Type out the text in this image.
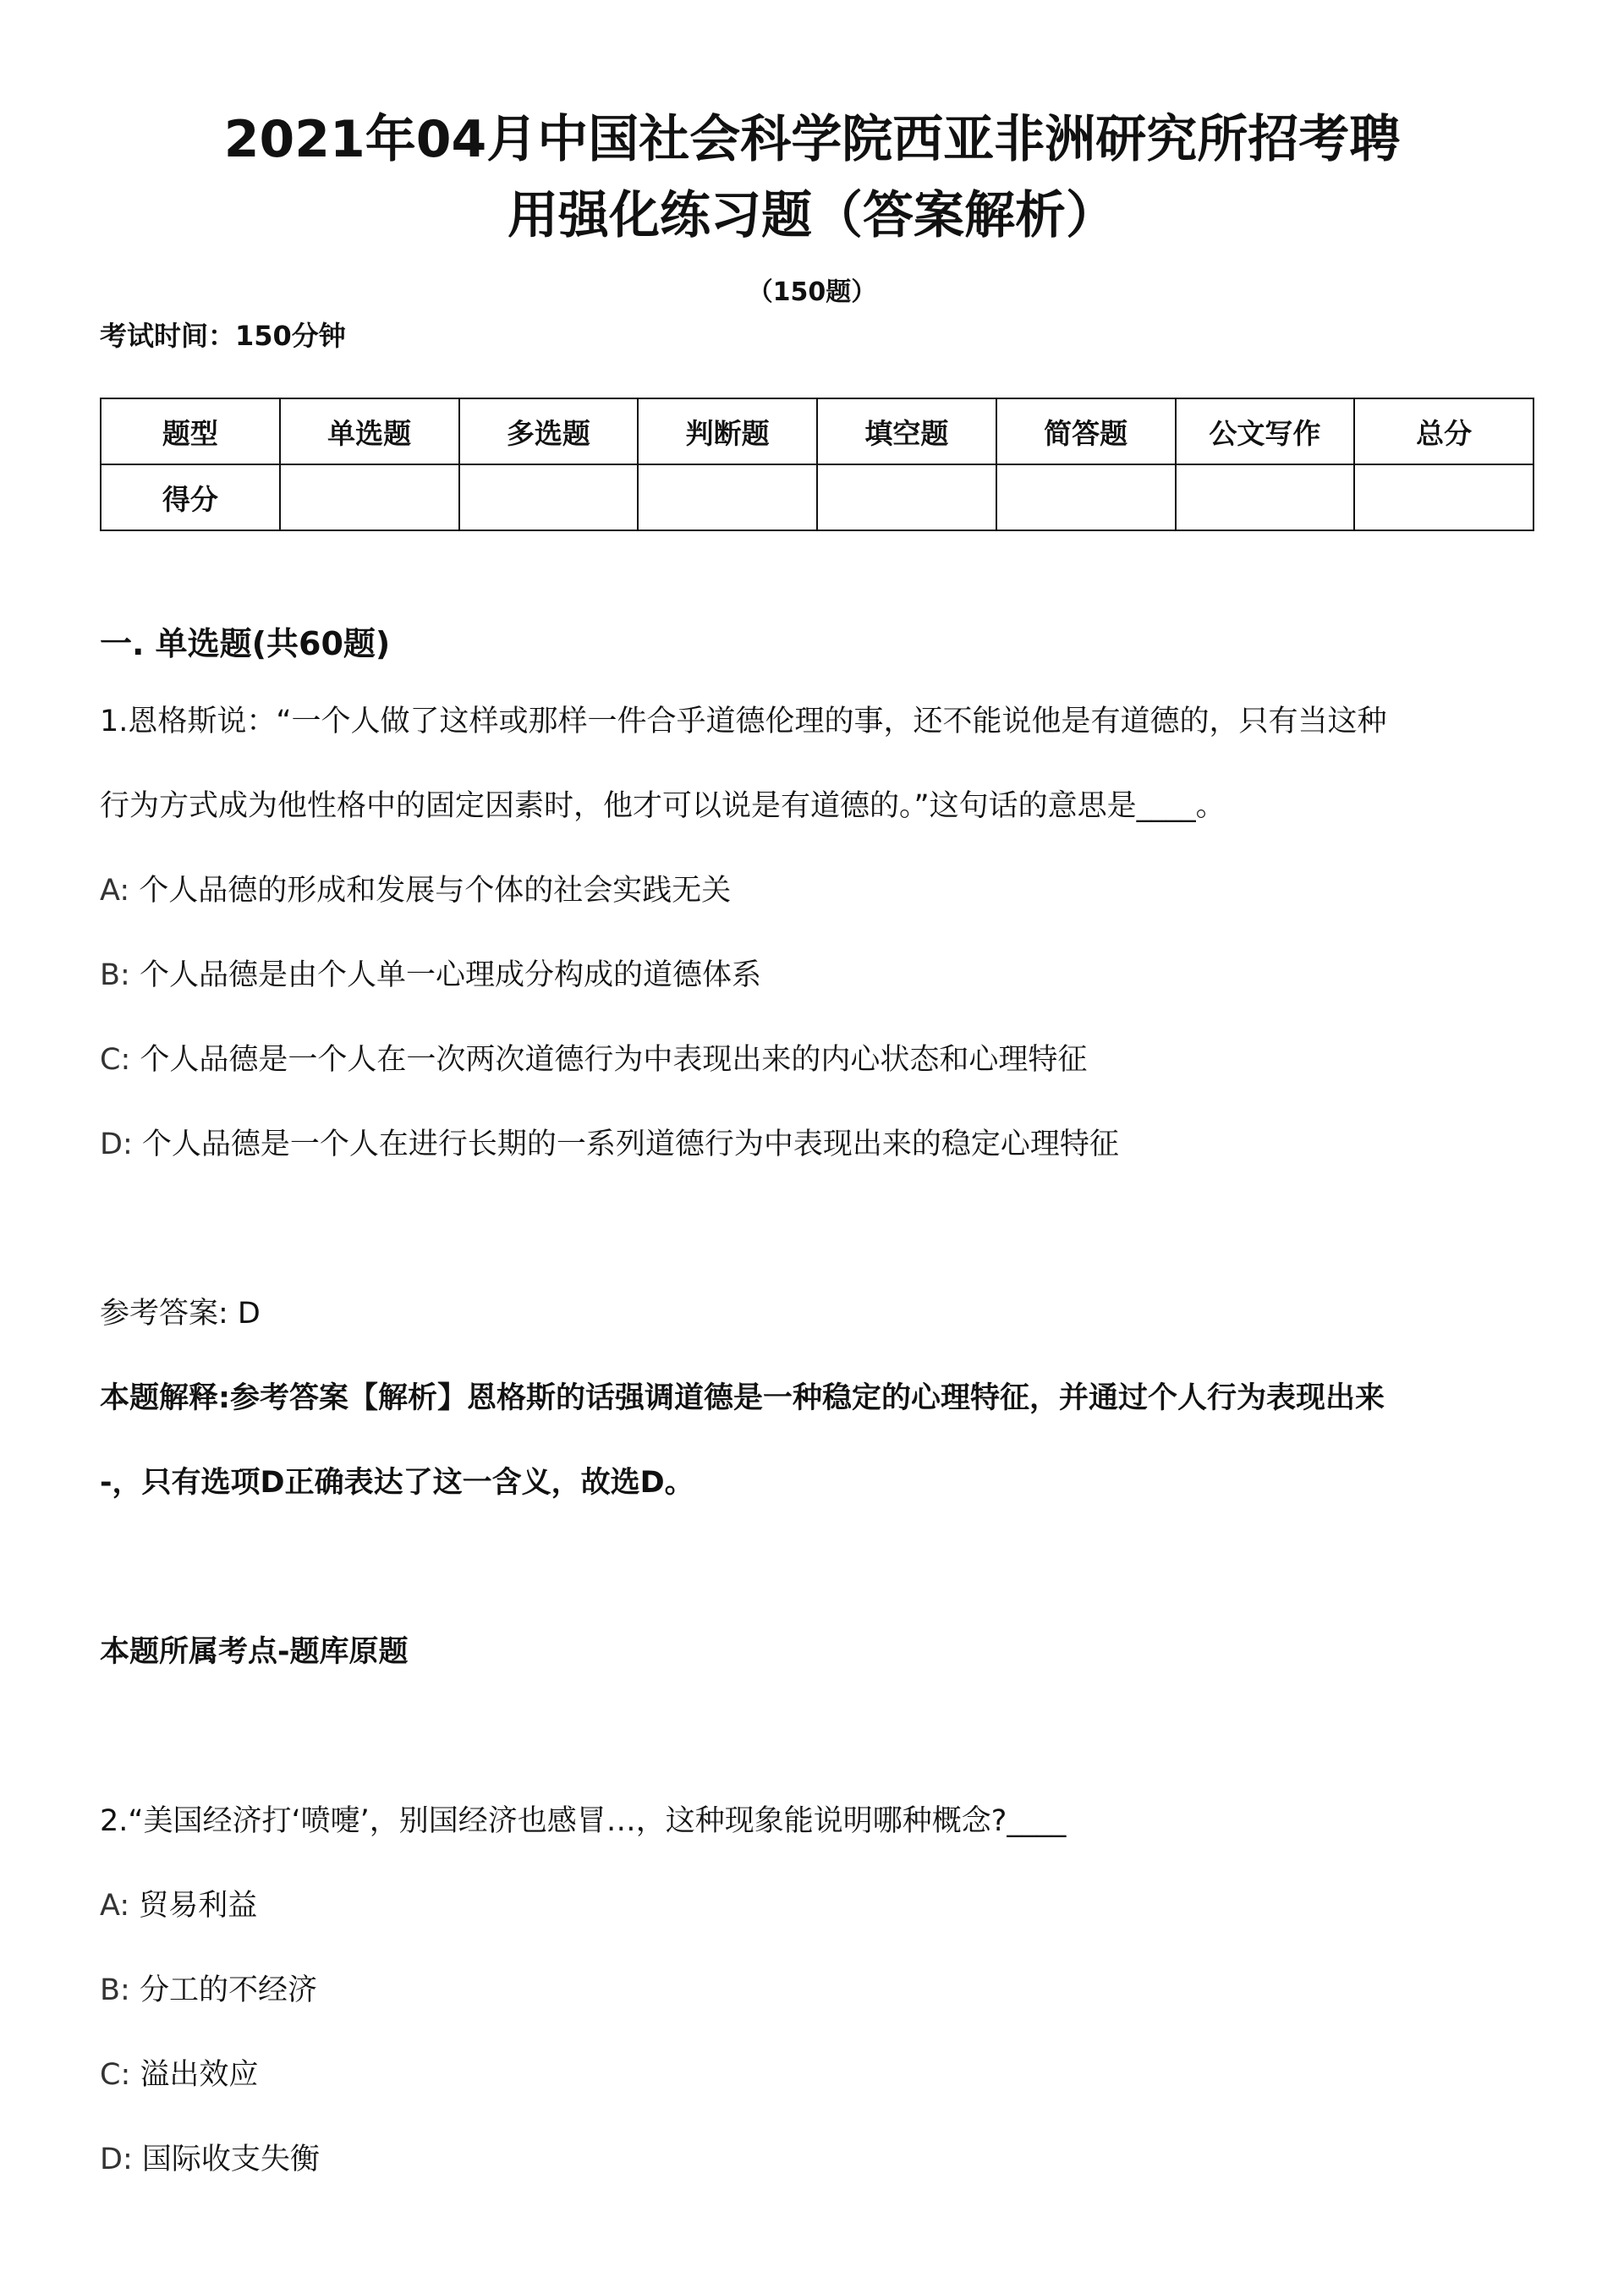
2021年04月中国社会科学院西亚非洲研究所招考聘
用强化练习题（答案解析）
（150题）
考试时间：150分钟
题型	单选题	多选题	判断题	填空题	简答题	公文写作	总分
得分							
一. 单选题(共60题)
1.恩格斯说：“一个人做了这样或那样一件合乎道德伦理的事，还不能说他是有道德的，只有当这种
行为方式成为他性格中的固定因素时，他才可以说是有道德的。”这句话的意思是____。
A: 个人品德的形成和发展与个体的社会实践无关
B: 个人品德是由个人单一心理成分构成的道德体系
C: 个人品德是一个人在一次两次道德行为中表现出来的内心状态和心理特征
D: 个人品德是一个人在进行长期的一系列道德行为中表现出来的稳定心理特征
参考答案: D
本题解释:参考答案【解析】恩格斯的话强调道德是一种稳定的心理特征，并通过个人行为表现出来
-，只有选项D正确表达了这一含义，故选D。
本题所属考点-题库原题
2.“美国经济打‘喷嚏’，别国经济也感冒…，这种现象能说明哪种概念?____
A: 贸易利益
B: 分工的不经济
C: 溢出效应
D: 国际收支失衡
